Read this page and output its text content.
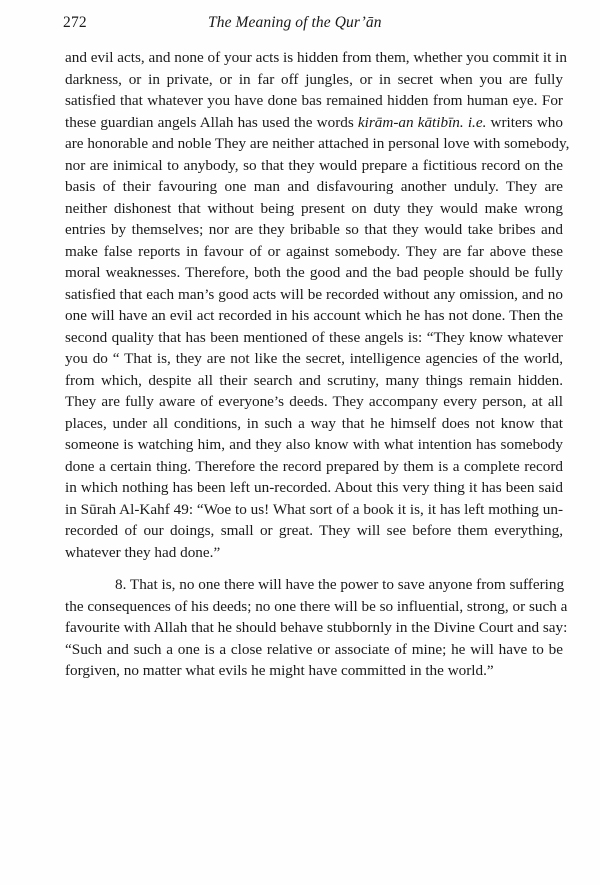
272	The Meaning of the Qur’ān
and evil acts, and none of your acts is hidden from them, whether you commit it in
darkness, or in private, or in far off jungles, or in secret when you are fully
satisfied that whatever you have done bas remained hidden from human eye. For
these guardian angels Allah has used the words kirām-an kātibīn. i.e. writers who
are honorable and noble They are neither attached in personal love with somebody,
nor are inimical to anybody, so that they would prepare a fictitious record on the
basis of their favouring one man and disfavouring another unduly. They are
neither dishonest that without being present on duty they would make wrong
entries by themselves; nor are they bribable so that they would take bribes and
make false reports in favour of or against somebody. They are far above these
moral weaknesses. Therefore, both the good and the bad people should be fully
satisfied that each man’s good acts will be recorded without any omission, and no
one will have an evil act recorded in his account which he has not done. Then the
second quality that has been mentioned of these angels is: “They know whatever
you do “ That is, they are not like the secret, intelligence agencies of the world,
from which, despite all their search and scrutiny, many things remain hidden.
They are fully aware of everyone’s deeds. They accompany every person, at all
places, under all conditions, in such a way that he himself does not know that
someone is watching him, and they also know with what intention has somebody
done a certain thing. Therefore the record prepared by them is a complete record
in which nothing has been left un-recorded. About this very thing it has been said
in Sūrah Al-Kahf 49: “Woe to us! What sort of a book it is, it has left mothing un-
recorded of our doings, small or great. They will see before them everything,
whatever they had done.”
8. That is, no one there will have the power to save anyone from suffering
the consequences of his deeds; no one there will be so influential, strong, or such a
favourite with Allah that he should behave stubbornly in the Divine Court and say:
“Such and such a one is a close relative or associate of mine; he will have to be
forgiven, no matter what evils he might have committed in the world.”
